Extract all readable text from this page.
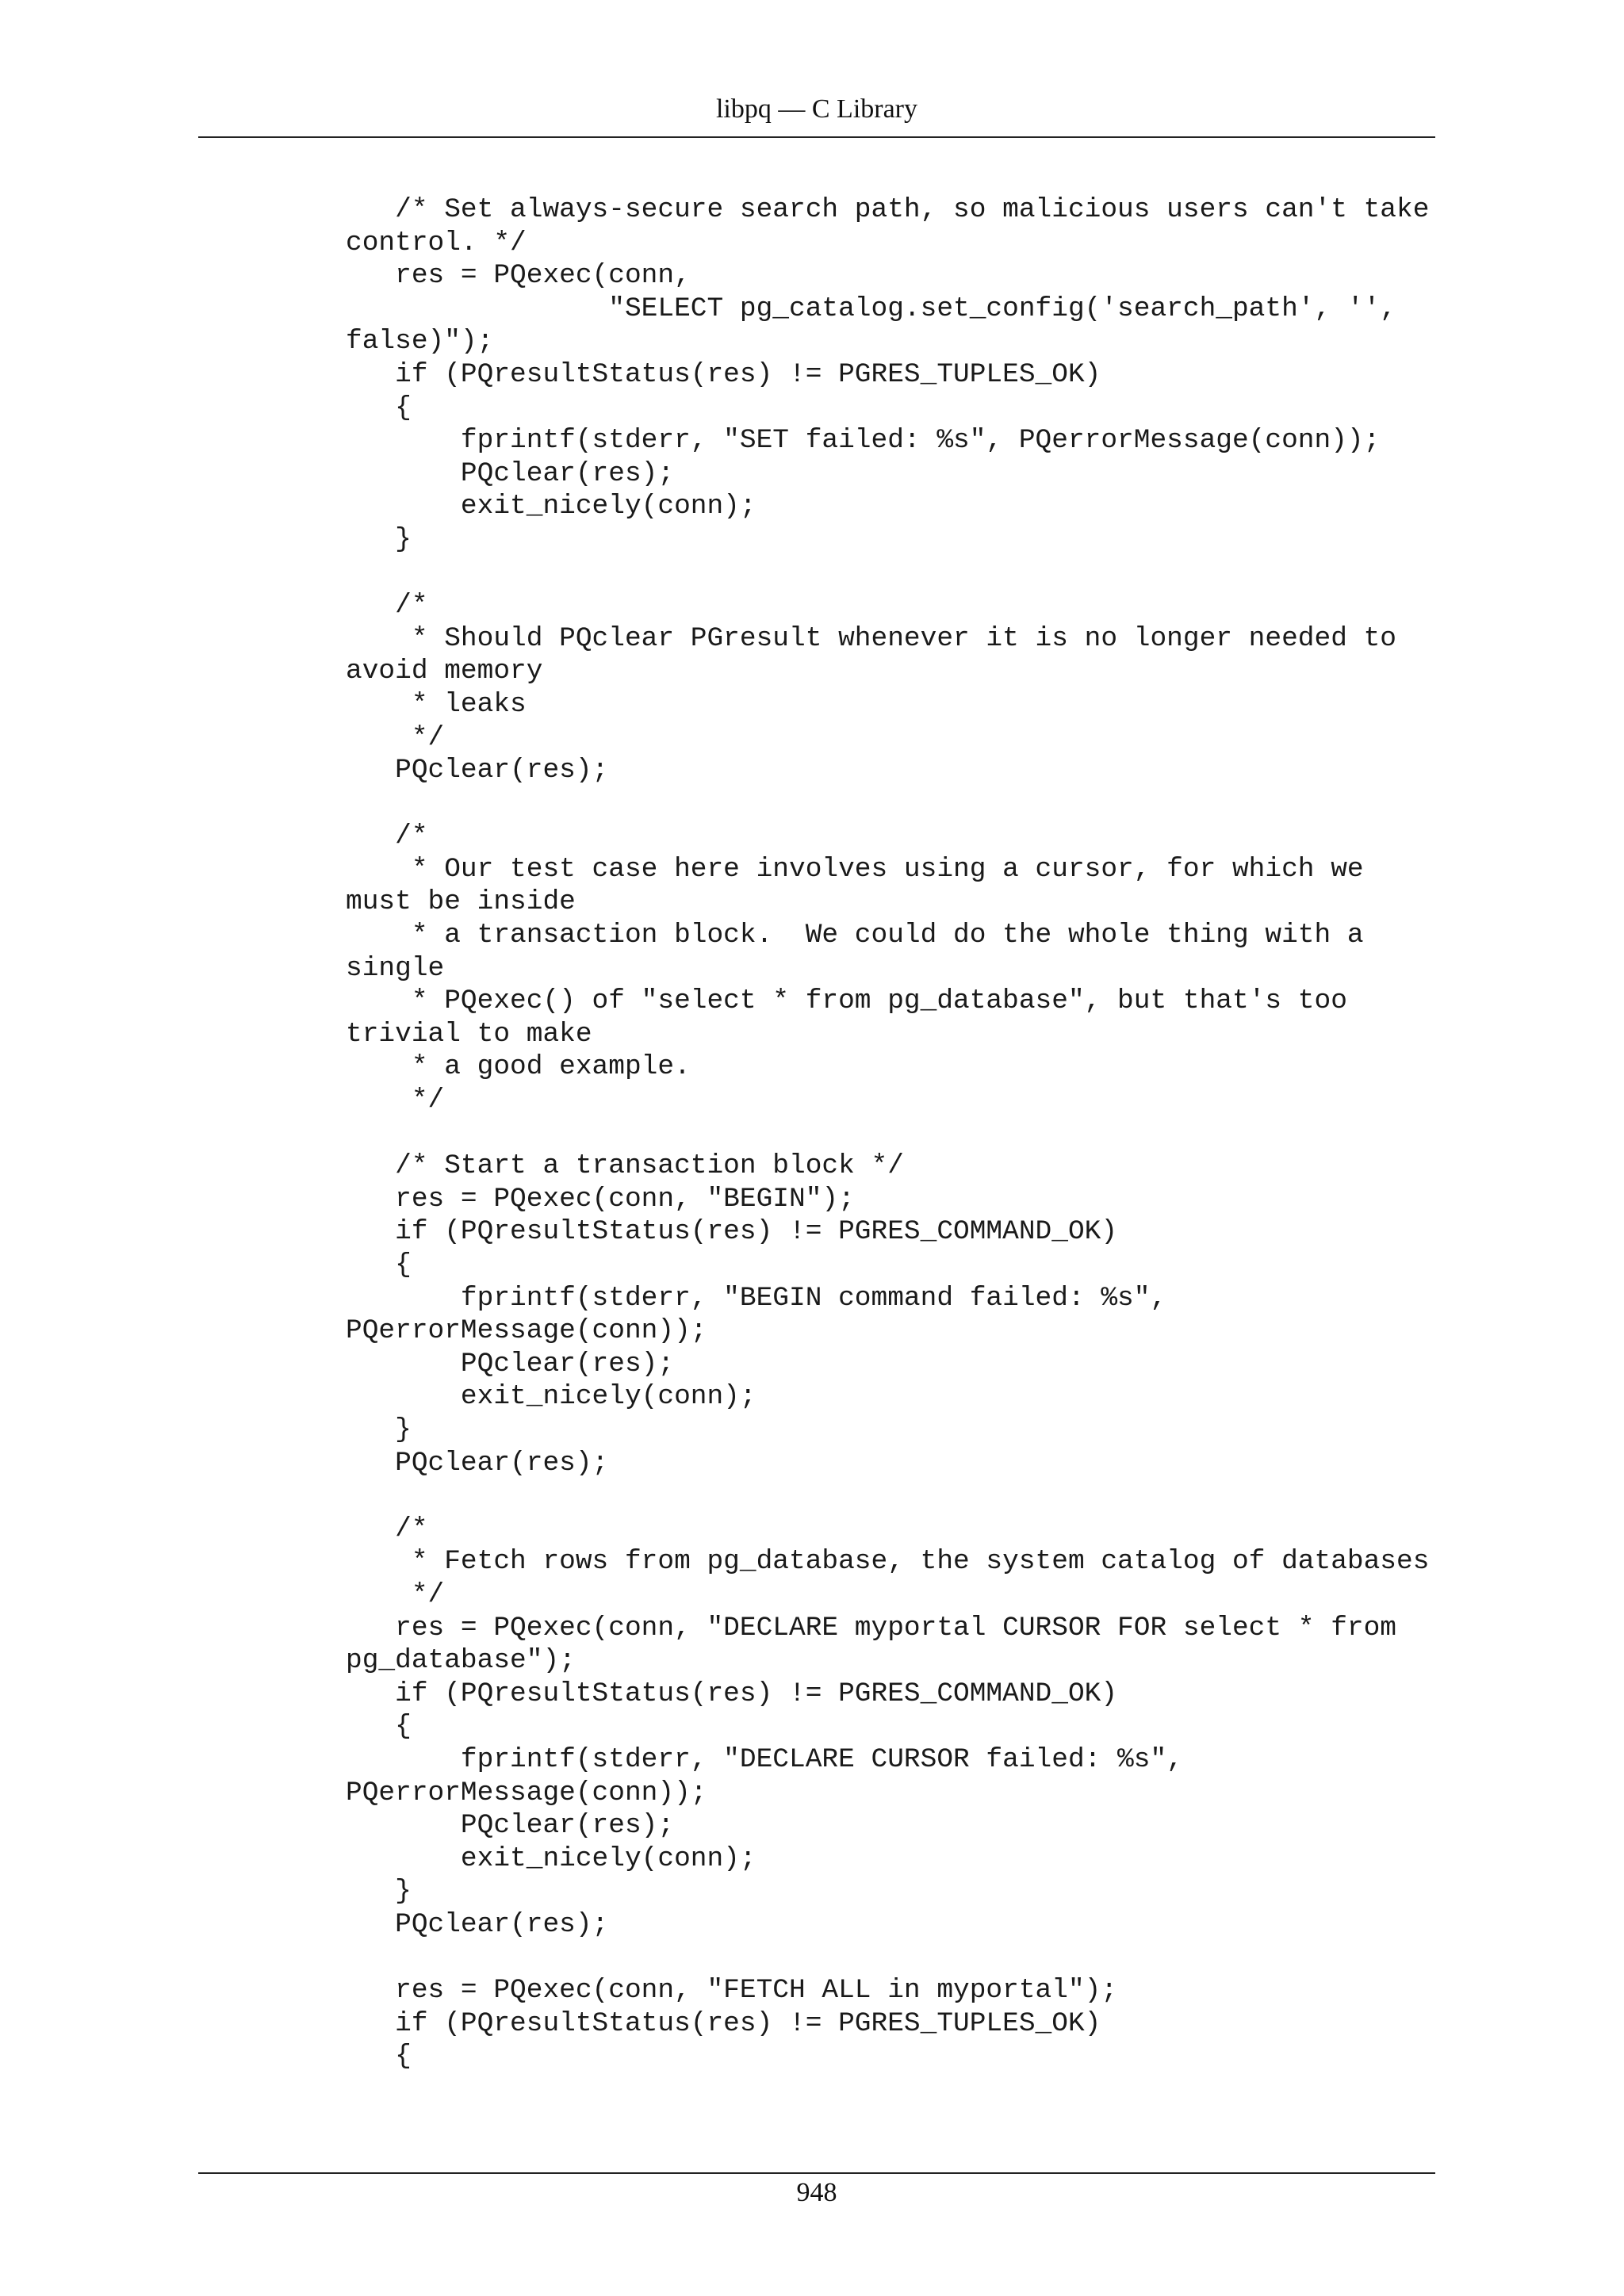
libpq — C Library
/* Set always-secure search path, so malicious users can't take
control. */
res = PQexec(conn,
"SELECT pg_catalog.set_config('search_path', '',
false)");
if (PQresultStatus(res) != PGRES_TUPLES_OK)
{
fprintf(stderr, "SET failed: %s", PQerrorMessage(conn));
PQclear(res);
exit_nicely(conn);
}
/*
* Should PQclear PGresult whenever it is no longer needed to
avoid memory
* leaks
*/
PQclear(res);
/*
* Our test case here involves using a cursor, for which we
must be inside
* a transaction block.  We could do the whole thing with a
single
* PQexec() of "select * from pg_database", but that's too
trivial to make
* a good example.
*/
/* Start a transaction block */
res = PQexec(conn, "BEGIN");
if (PQresultStatus(res) != PGRES_COMMAND_OK)
{
fprintf(stderr, "BEGIN command failed: %s",
PQerrorMessage(conn));
PQclear(res);
exit_nicely(conn);
}
PQclear(res);
/*
* Fetch rows from pg_database, the system catalog of databases
*/
res = PQexec(conn, "DECLARE myportal CURSOR FOR select * from
pg_database");
if (PQresultStatus(res) != PGRES_COMMAND_OK)
{
fprintf(stderr, "DECLARE CURSOR failed: %s",
PQerrorMessage(conn));
PQclear(res);
exit_nicely(conn);
}
PQclear(res);
res = PQexec(conn, "FETCH ALL in myportal");
if (PQresultStatus(res) != PGRES_TUPLES_OK)
{
948
